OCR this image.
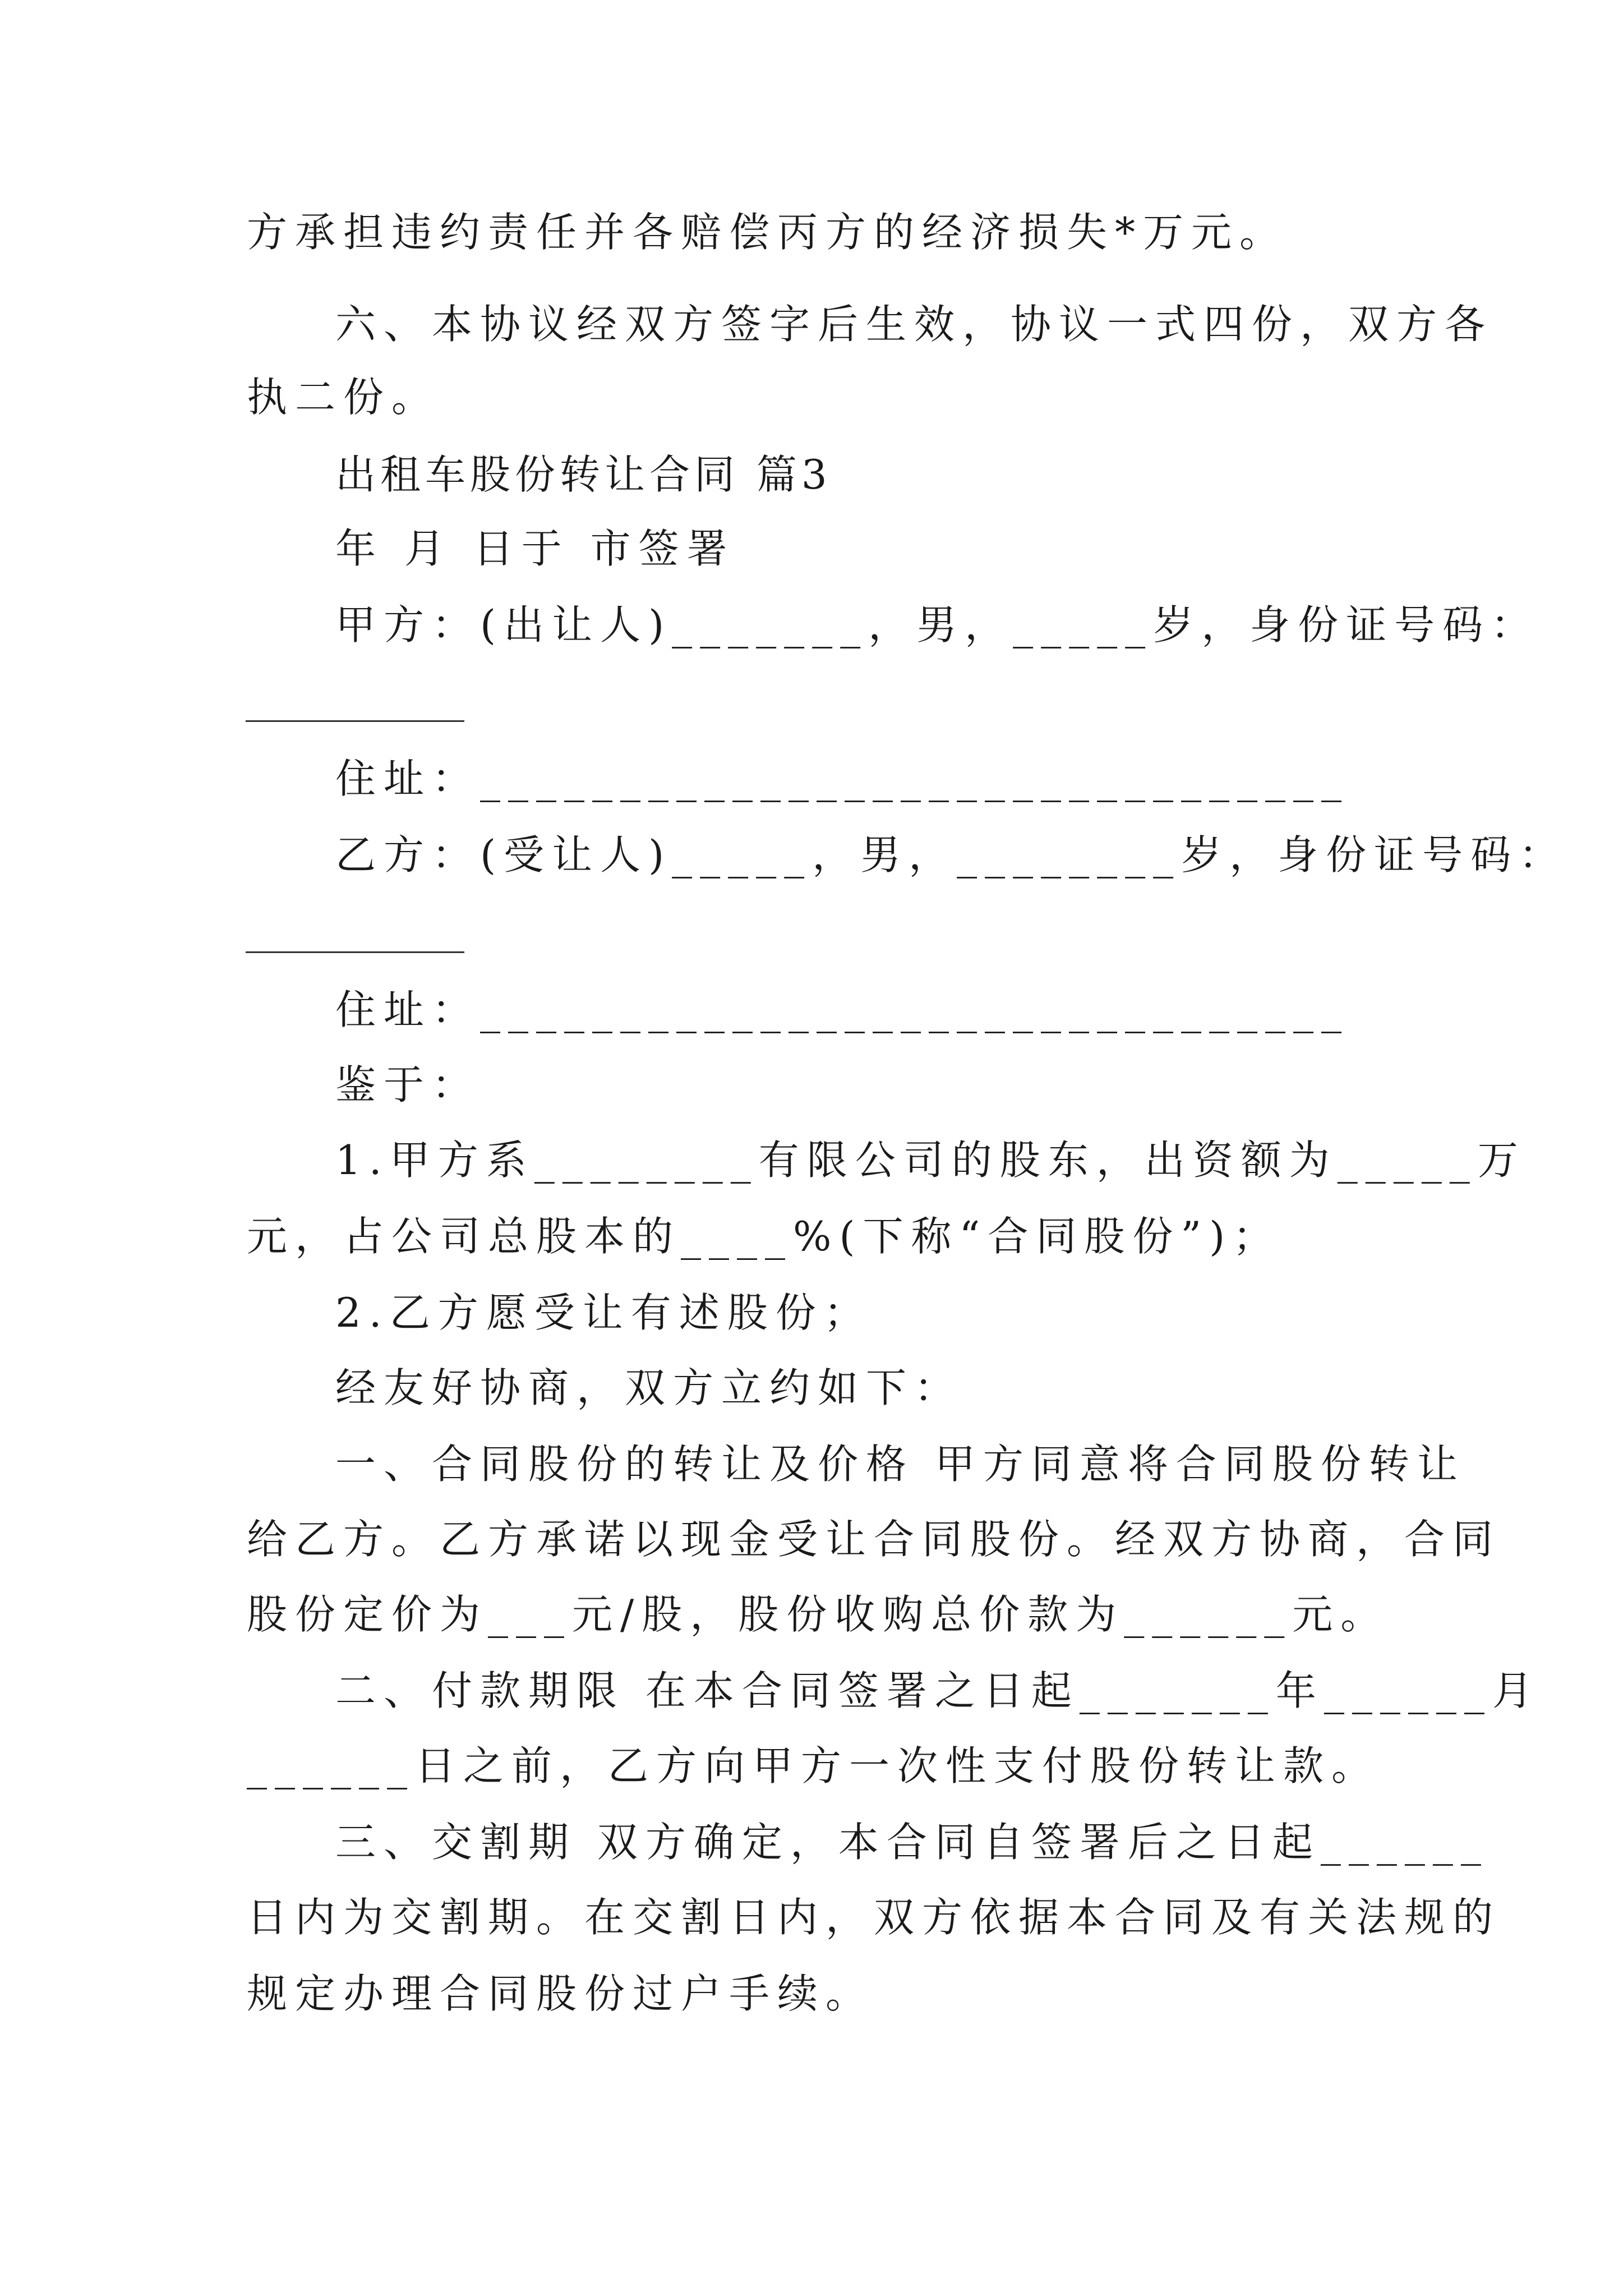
方承担违约责任并各赔偿丙方的经济损失*万元。
六、本协议经双方签字后生效，协议一式四份，双方各
执二份。
出租车股份转让合同 篇3
年 月 日于 市签署
甲方：(出让人)_______，男，_____岁，身份证号码：
住址：_______________________________
乙方：(受让人)_____，男，________岁，身份证号码：
住址：_______________________________
鉴于：
1.甲方系________有限公司的股东，出资额为_____万
元，占公司总股本的____%(下称“合同股份”)；
2.乙方愿受让有述股份；
经友好协商，双方立约如下：
一、合同股份的转让及价格 甲方同意将合同股份转让
给乙方。乙方承诺以现金受让合同股份。经双方协商，合同
股份定价为___元/股，股份收购总价款为______元。
二、付款期限 在本合同签署之日起_______年______月
______日之前，乙方向甲方一次性支付股份转让款。
三、交割期 双方确定，本合同自签署后之日起______
日内为交割期。在交割日内，双方依据本合同及有关法规的
规定办理合同股份过户手续。
